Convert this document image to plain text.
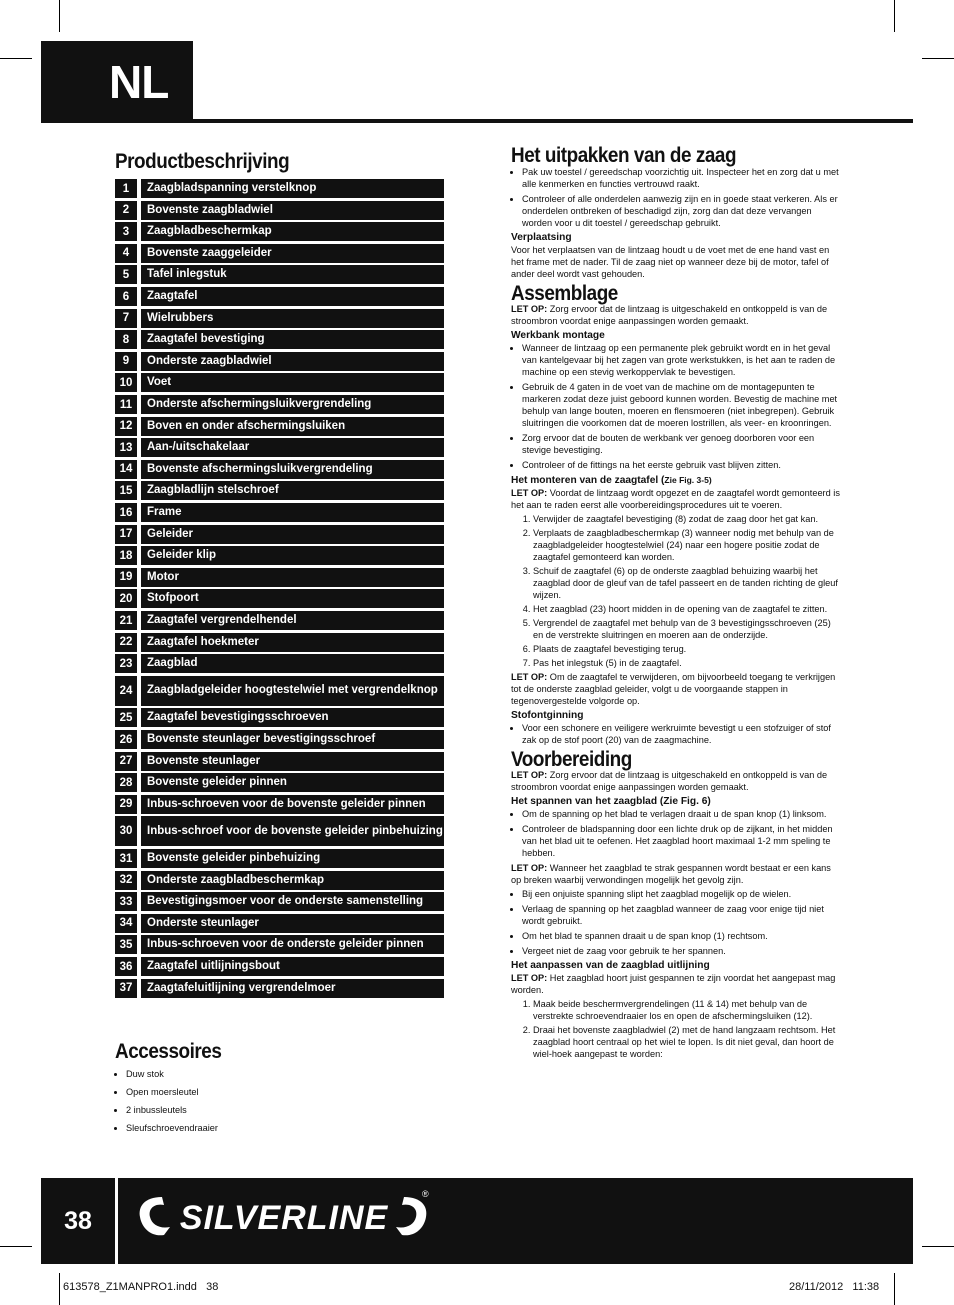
NL
Productbeschrijving
1	Zaagbladspanning verstelknop
2	Bovenste zaagbladwiel
3	Zaagbladbeschermkap
4	Bovenste zaaggeleider
5	Tafel inlegstuk
6	Zaagtafel
7	Wielrubbers
8	Zaagtafel bevestiging
9	Onderste zaagbladwiel
10	Voet
11	Onderste afschermingsluikvergrendeling
12	Boven en onder afschermingsluiken
13	Aan-/uitschakelaar
14	Bovenste afschermingsluikvergrendeling
15	Zaagbladlijn stelschroef
16	Frame
17	Geleider
18	Geleider klip
19	Motor
20	Stofpoort
21	Zaagtafel vergrendelhendel
22	Zaagtafel hoekmeter
23	Zaagblad
24	Zaagbladgeleider hoogtestelwiel met vergrendelknop
25	Zaagtafel bevestigingsschroeven
26	Bovenste steunlager bevestigingsschroef
27	Bovenste steunlager
28	Bovenste geleider pinnen
29	Inbus-schroeven voor de bovenste geleider pinnen
30	Inbus-schroef voor de bovenste geleider pinbehuizing
31	Bovenste geleider pinbehuizing
32	Onderste zaagbladbeschermkap
33	Bevestigingsmoer voor de onderste samenstelling
34	Onderste steunlager
35	Inbus-schroeven voor de onderste geleider pinnen
36	Zaagtafel uitlijningsbout
37	Zaagtafeluitlijning vergrendelmoer
Accessoires
• Duw stok
• Open moersleutel
• 2 inbussleutels
• Sleufschroevendraaier
Het uitpakken van de zaag
• Pak uw toestel / gereedschap voorzichtig uit. Inspecteer het en zorg dat u met alle kenmerken en functies vertrouwd raakt.
• Controleer of alle onderdelen aanwezig zijn en in goede staat verkeren. Als er onderdelen ontbreken of beschadigd zijn, zorg dan dat deze vervangen worden voor u dit toestel / gereedschap gebruikt.
Verplaatsing

Voor het verplaatsen van de lintzaag houdt u de voet met de ene hand vast en het frame met de nader. Til de zaag niet op wanneer deze bij de motor, tafel of ander deel wordt vast gehouden.

Assemblage

LET OP: Zorg ervoor dat de lintzaag is uitgeschakeld en ontkoppeld is van de stroombron voordat enige aanpassingen worden gemaakt.

Werkbank montage
• Wanneer de lintzaag op een permanente plek gebruikt wordt en in het geval van kantelgevaar bij het zagen van grote werkstukken, is het aan te raden de machine op een stevig werkoppervlak te bevestigen.
• Gebruik de 4 gaten in de voet van de machine om de montagepunten te markeren zodat deze juist geboord kunnen worden. Bevestig de machine met behulp van lange bouten, moeren en flensmoeren (niet inbegrepen). Gebruik sluitringen die voorkomen dat de moeren lostrillen, als veer- en kroonringen.
• Zorg ervoor dat de bouten de werkbank ver genoeg doorboren voor een stevige bevestiging.
• Controleer of de fittings na het eerste gebruik vast blijven zitten.
Het monteren van de zaagtafel (Zie Fig. 3-5)

LET OP: Voordat de lintzaag wordt opgezet en de zaagtafel wordt gemonteerd is het aan te raden eerst alle voorbereidingsprocedures uit te voeren.

1. Verwijder de zaagtafel bevestiging (8) zodat de zaag door het gat kan.
2. Verplaats de zaagbladbeschermkap (3) wanneer nodig met behulp van de zaagbladgeleider hoogtestelwiel (24) naar een hogere positie zodat de zaagtafel gemonteerd kan worden.
3. Schuif de zaagtafel (6) op de onderste zaagblad behuizing waarbij het zaagblad door de gleuf van de tafel passeert en de tanden richting de gleuf wijzen.
4. Het zaagblad (23) hoort midden in de opening van de zaagtafel te zitten.
5. Vergrendel de zaagtafel met behulp van de 3 bevestigingsschroeven (25) en de verstrekte sluitringen en moeren aan de onderzijde.
6. Plaats de zaagtafel bevestiging terug.
7. Pas het inlegstuk (5) in de zaagtafel.

LET OP: Om de zaagtafel te verwijderen, om bijvoorbeeld toegang te verkrijgen tot de onderste zaagblad geleider, volgt u de voorgaande stappen in tegenovergestelde volgorde op.

Stofontginning
• Voor een schonere en veiligere werkruimte bevestigt u een stofzuiger of stof zak op de stof poort (20) van de zaagmachine.
Voorbereiding

LET OP: Zorg ervoor dat de lintzaag is uitgeschakeld en ontkoppeld is van de stroombron voordat enige aanpassingen worden gemaakt.

Het spannen van het zaagblad (Zie Fig. 6)
• Om de spanning op het blad te verlagen draait u de span knop (1) linksom.
• Controleer de bladspanning door een lichte druk op de zijkant, in het midden van het blad uit te oefenen. Het zaagblad hoort maximaal 1-2 mm speling te hebben.

LET OP: Wanneer het zaagblad te strak gespannen wordt bestaat er een kans op breken waarbij verwondingen mogelijk het gevolg zijn.

• Bij een onjuiste spanning slipt het zaagblad mogelijk op de wielen.
• Verlaag de spanning op het zaagblad wanneer de zaag voor enige tijd niet wordt gebruikt.
• Om het blad te spannen draait u de span knop (1) rechtsom.
• Vergeet niet de zaag voor gebruik te her spannen.
Het aanpassen van de zaagblad uitlijning

LET OP: Het zaagblad hoort juist gespannen te zijn voordat het aangepast mag worden.

1. Maak beide beschermvergrendelingen (11 & 14) met behulp van de verstrekte schroevendraaier los en open de afschermingsluiken (12).
2. Draai het bovenste zaagbladwiel (2) met de hand langzaam rechtsom. Het zaagblad hoort centraal op het wiel te lopen. Is dit niet geval, dan hoort de wiel-hoek aangepast te worden:
38	SILVERLINE
®
613578_Z1MANPRO1.indd   38	28/11/2012   11:38
